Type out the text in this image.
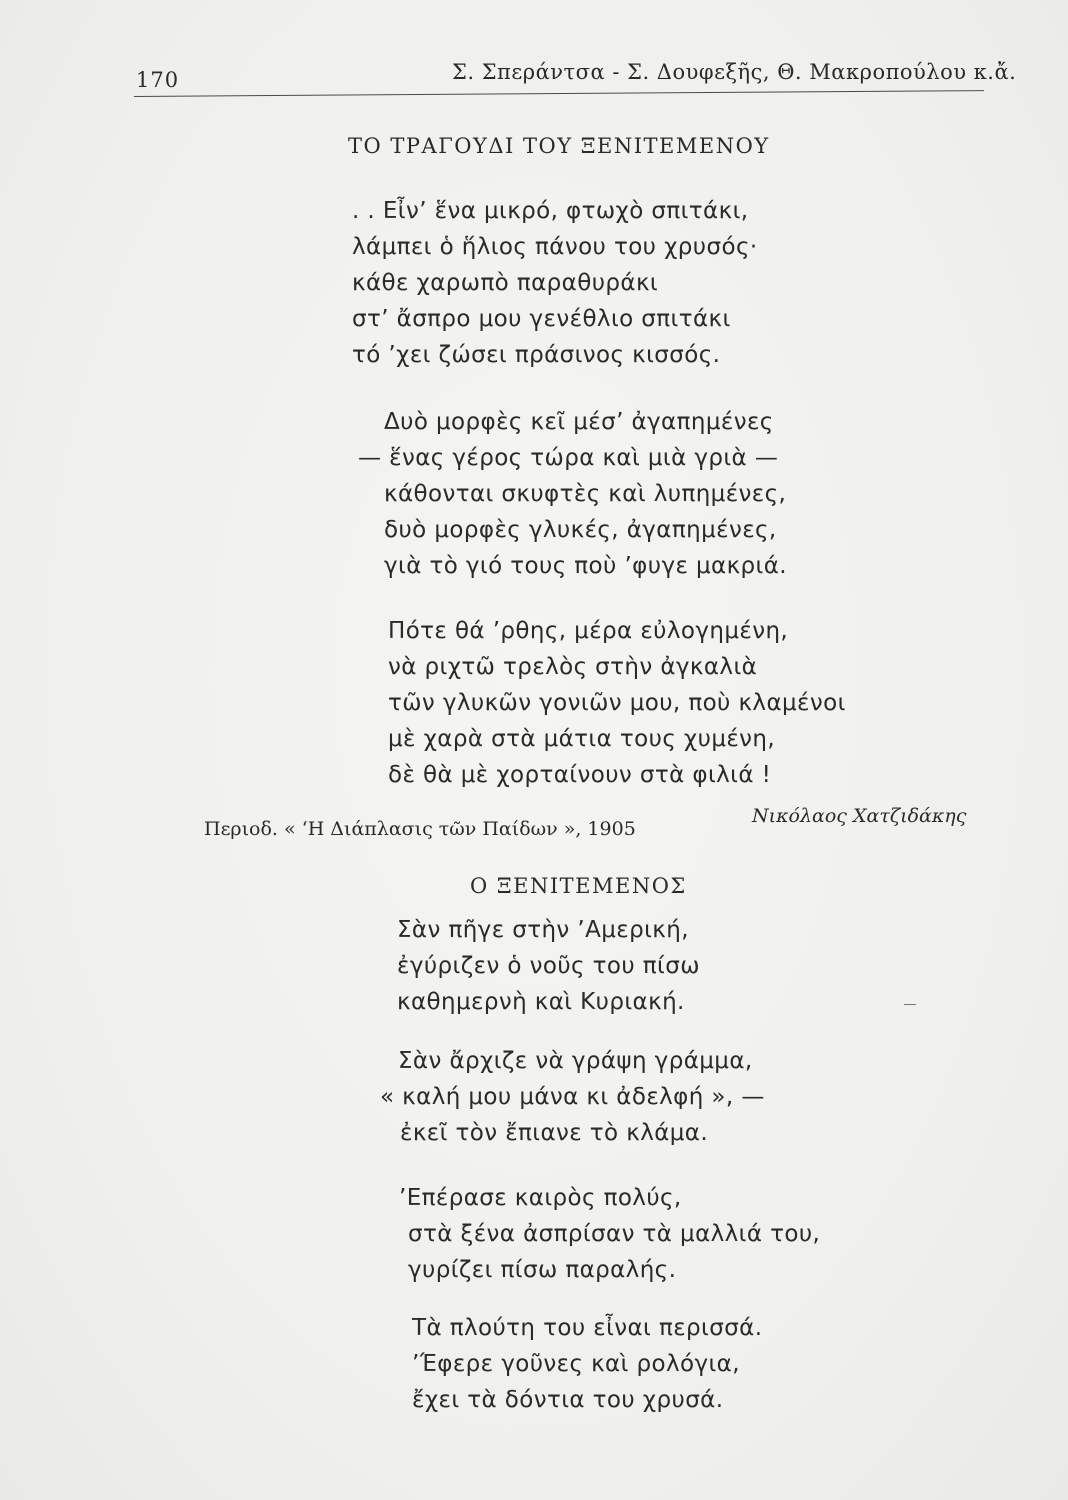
170	Σ. Σπεράντσα - Σ. Δουφεξῆς, Θ. Μακροπούλου κ.ἄ.
ΤΟ ΤΡΑΓΟΥΔΙ ΤΟΥ ΞΕΝΙΤΕΜΕΝΟΥ
. . Εἶν’ ἕνα μικρό, φτωχὸ σπιτάκι,
λάμπει ὁ ἥλιος πάνου του χρυσός·
κάθε χαρωπὸ παραθυράκι
στ’ ἄσπρο μου γενέθλιο σπιτάκι
τό ’χει ζώσει πράσινος κισσός.
Δυὸ μορφὲς κεῖ μέσ’ ἀγαπημένες
— ἕνας γέρος τώρα καὶ μιὰ γριὰ —
κάθονται σκυφτὲς καὶ λυπημένες,
δυὸ μορφὲς γλυκές, ἀγαπημένες,
γιὰ τὸ γιό τους ποὺ ’φυγε μακριά.
Πότε θά ’ρθης, μέρα εὐλογημένη,
νὰ ριχτῶ τρελὸς στὴν ἀγκαλιὰ
τῶν γλυκῶν γονιῶν μου, ποὺ κλαμένοι
μὲ χαρὰ στὰ μάτια τους χυμένη,
δὲ θὰ μὲ χορταίνουν στὰ φιλιά !
Περιοδ. « ‘Η Διάπλασις τῶν Παίδων », 1905
Νικόλαος Χατζιδάκης
Ο ΞΕΝΙΤΕΜΕΝΟΣ
Σὰν πῆγε στὴν ’Αμερική,
ἐγύριζεν ὁ νοῦς του πίσω
καθημερνὴ καὶ Κυριακή.
Σὰν ἄρχιζε νὰ γράψη γράμμα,
« καλή μου μάνα κι ἀδελφή », —
ἐκεῖ τὸν ἔπιανε τὸ κλάμα.
’Επέρασε καιρὸς πολύς,
στὰ ξένα ἀσπρίσαν τὰ μαλλιά του,
γυρίζει πίσω παραλής.
Τὰ πλούτη του εἶναι περισσά.
’Έφερε γοῦνες καὶ ρολόγια,
ἔχει τὰ δόντια του χρυσά.
